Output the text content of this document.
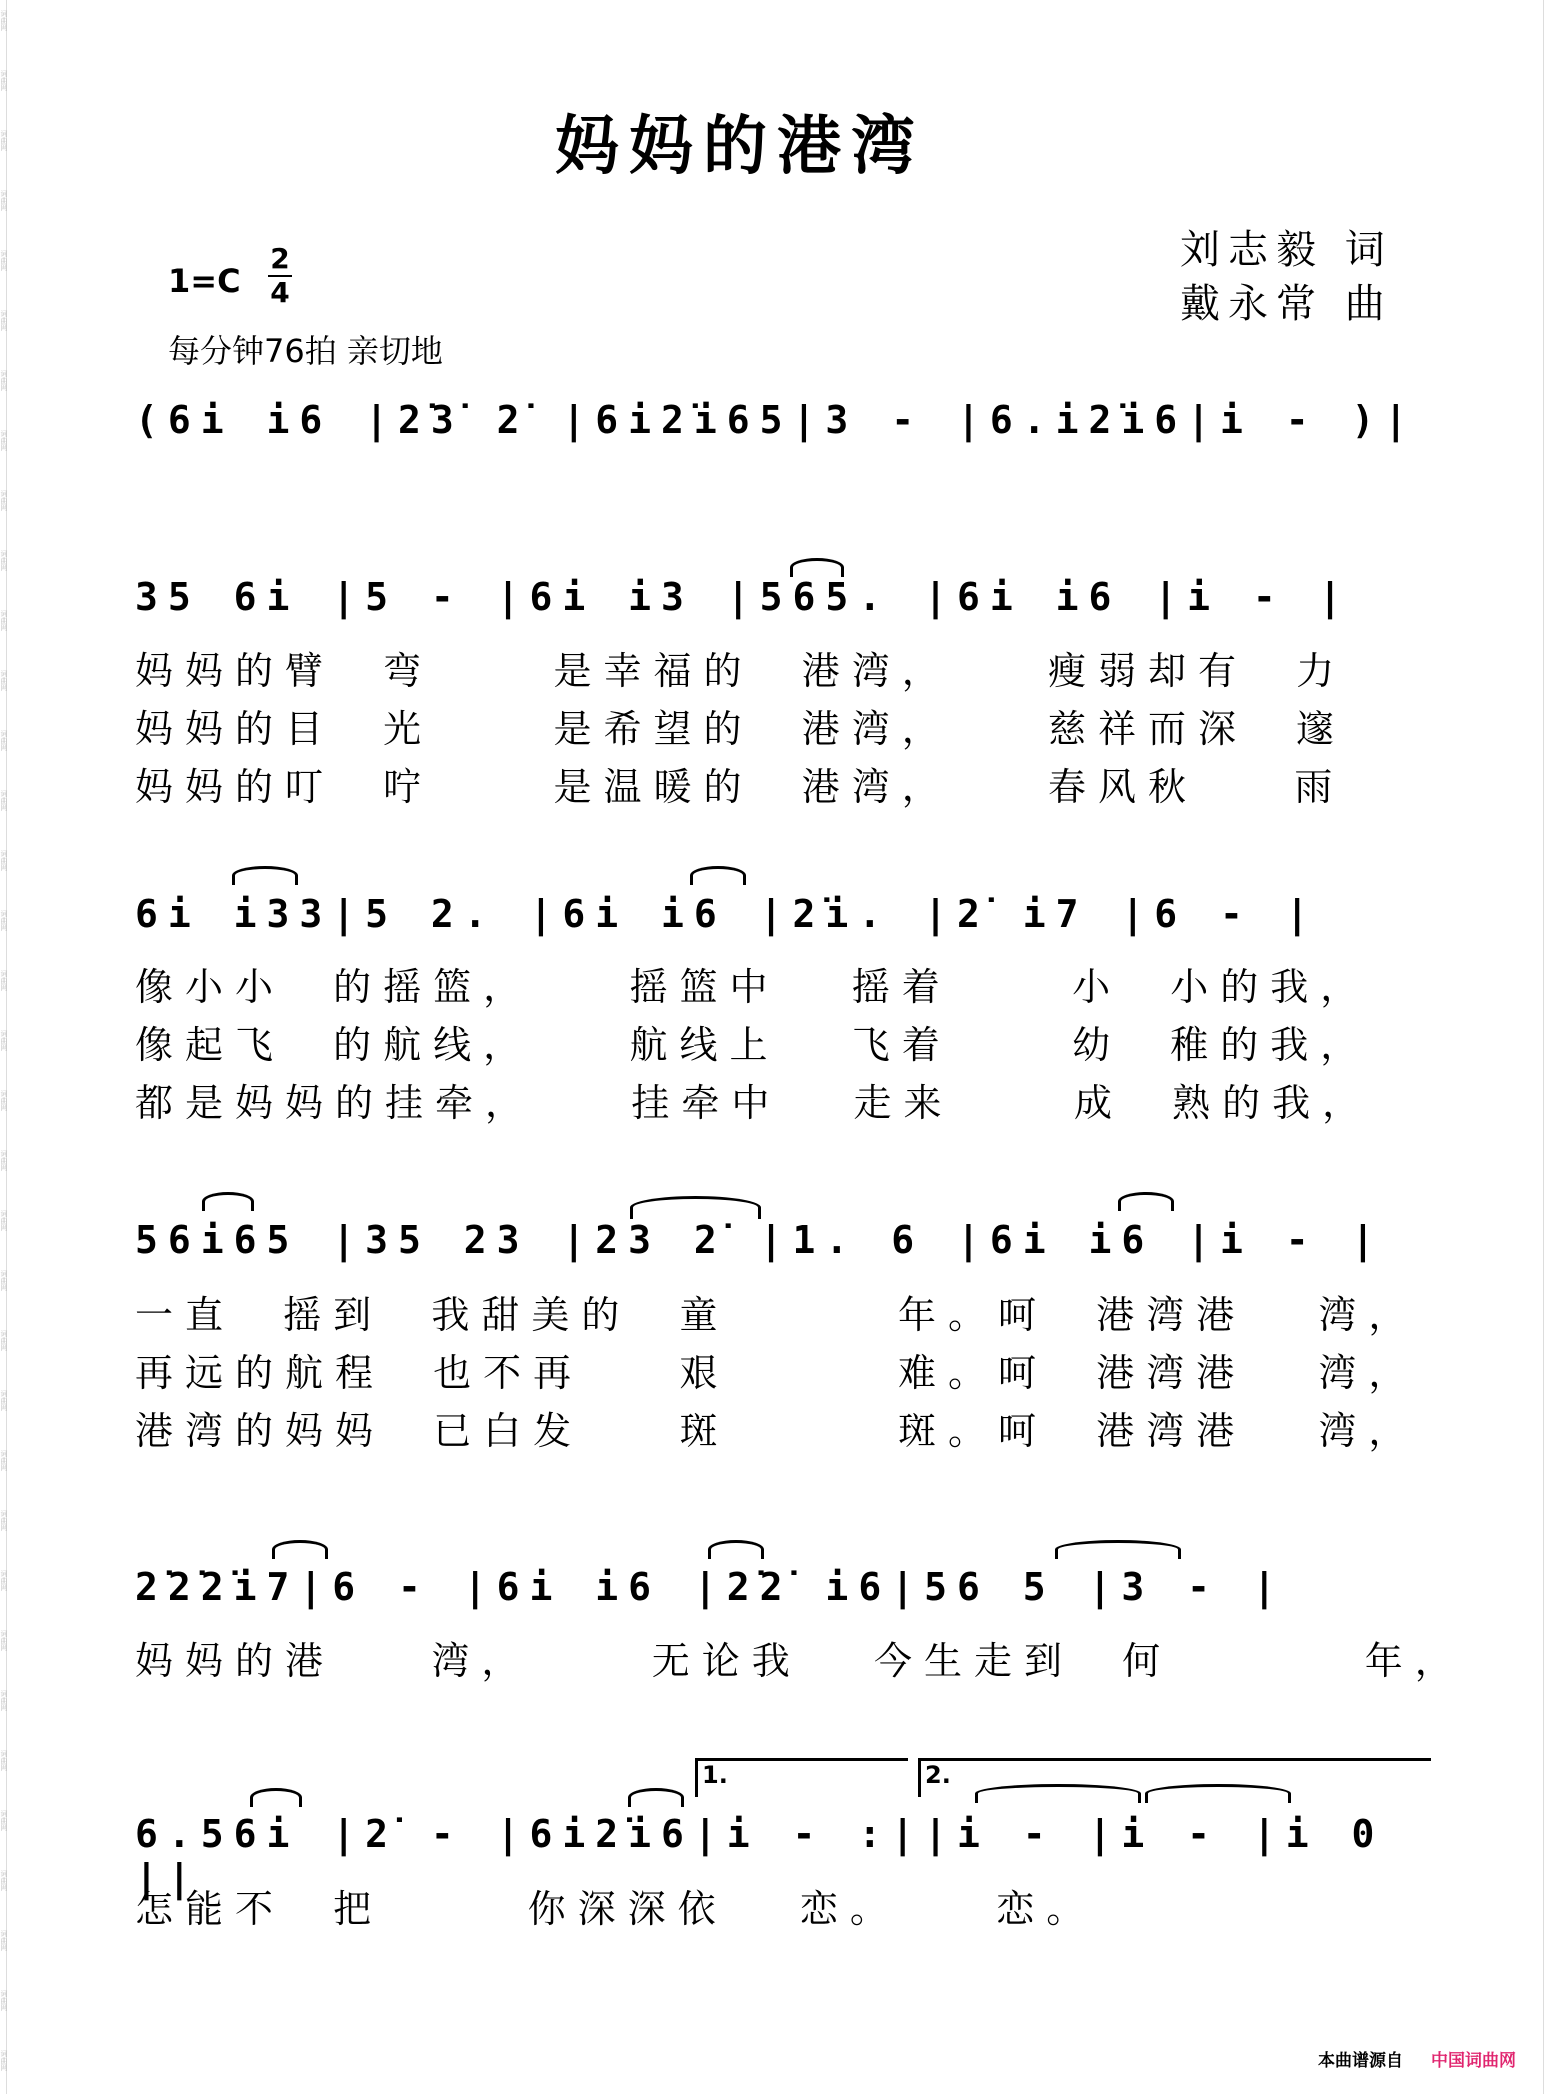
词曲网
词曲网
词曲网
词曲网
词曲网
词曲网
词曲网
词曲网
词曲网
词曲网
词曲网
词曲网
词曲网
词曲网
词曲网
词曲网
词曲网
词曲网
词曲网
词曲网
词曲网
词曲网
词曲网
词曲网
词曲网
词曲网
词曲网
词曲网
词曲网
词曲网
词曲网
词曲网
词曲网
词曲网
词曲网
妈妈的港湾
刘志毅 词
戴永常 曲
1=C
2
4
每分钟76拍 亲切地
(6i i6 |2̇3̇ 2̇ |6i2̇i65|3 - |6.i2̇i6|i - )|
35 6i |5 - |6i i3 |565. |6i i6 |i - |
妈妈的臂  弯     是幸福的  港湾，    瘦弱却有  力
妈妈的目  光     是希望的  港湾，    慈祥而深  邃
妈妈的叮  咛     是温暖的  港湾，    春风秋    雨
6i i33|5 2. |6i i6 |2̇i. |2̇ i7 |6 - |
像小小  的摇篮，    摇篮中   摇着     小  小的我，
像起飞  的航线，    航线上   飞着     幼  稚的我，
都是妈妈的挂牵，    挂牵中   走来     成  熟的我，
56i65 |35 23 |23 2̇ |1. 6 |6i i6 |i - |
一直  摇到  我甜美的  童       年。呵  港湾港   湾，
再远的航程  也不再    艰       难。呵  港湾港   湾，
港湾的妈妈  已白发    斑       斑。呵  港湾港   湾，
2̇2̇2̇i7|6 - |6i i6 |2̇2̇ i6|56 5 |3 - |
妈妈的港    湾，     无论我   今生走到  何        年，
1.	2.
6.56i |2̇ - |6i2̇i6|i - :||i - |i - |i 0 ||
怎能不  把      你深深依   恋。    恋。
本曲谱源自 中国词曲网
